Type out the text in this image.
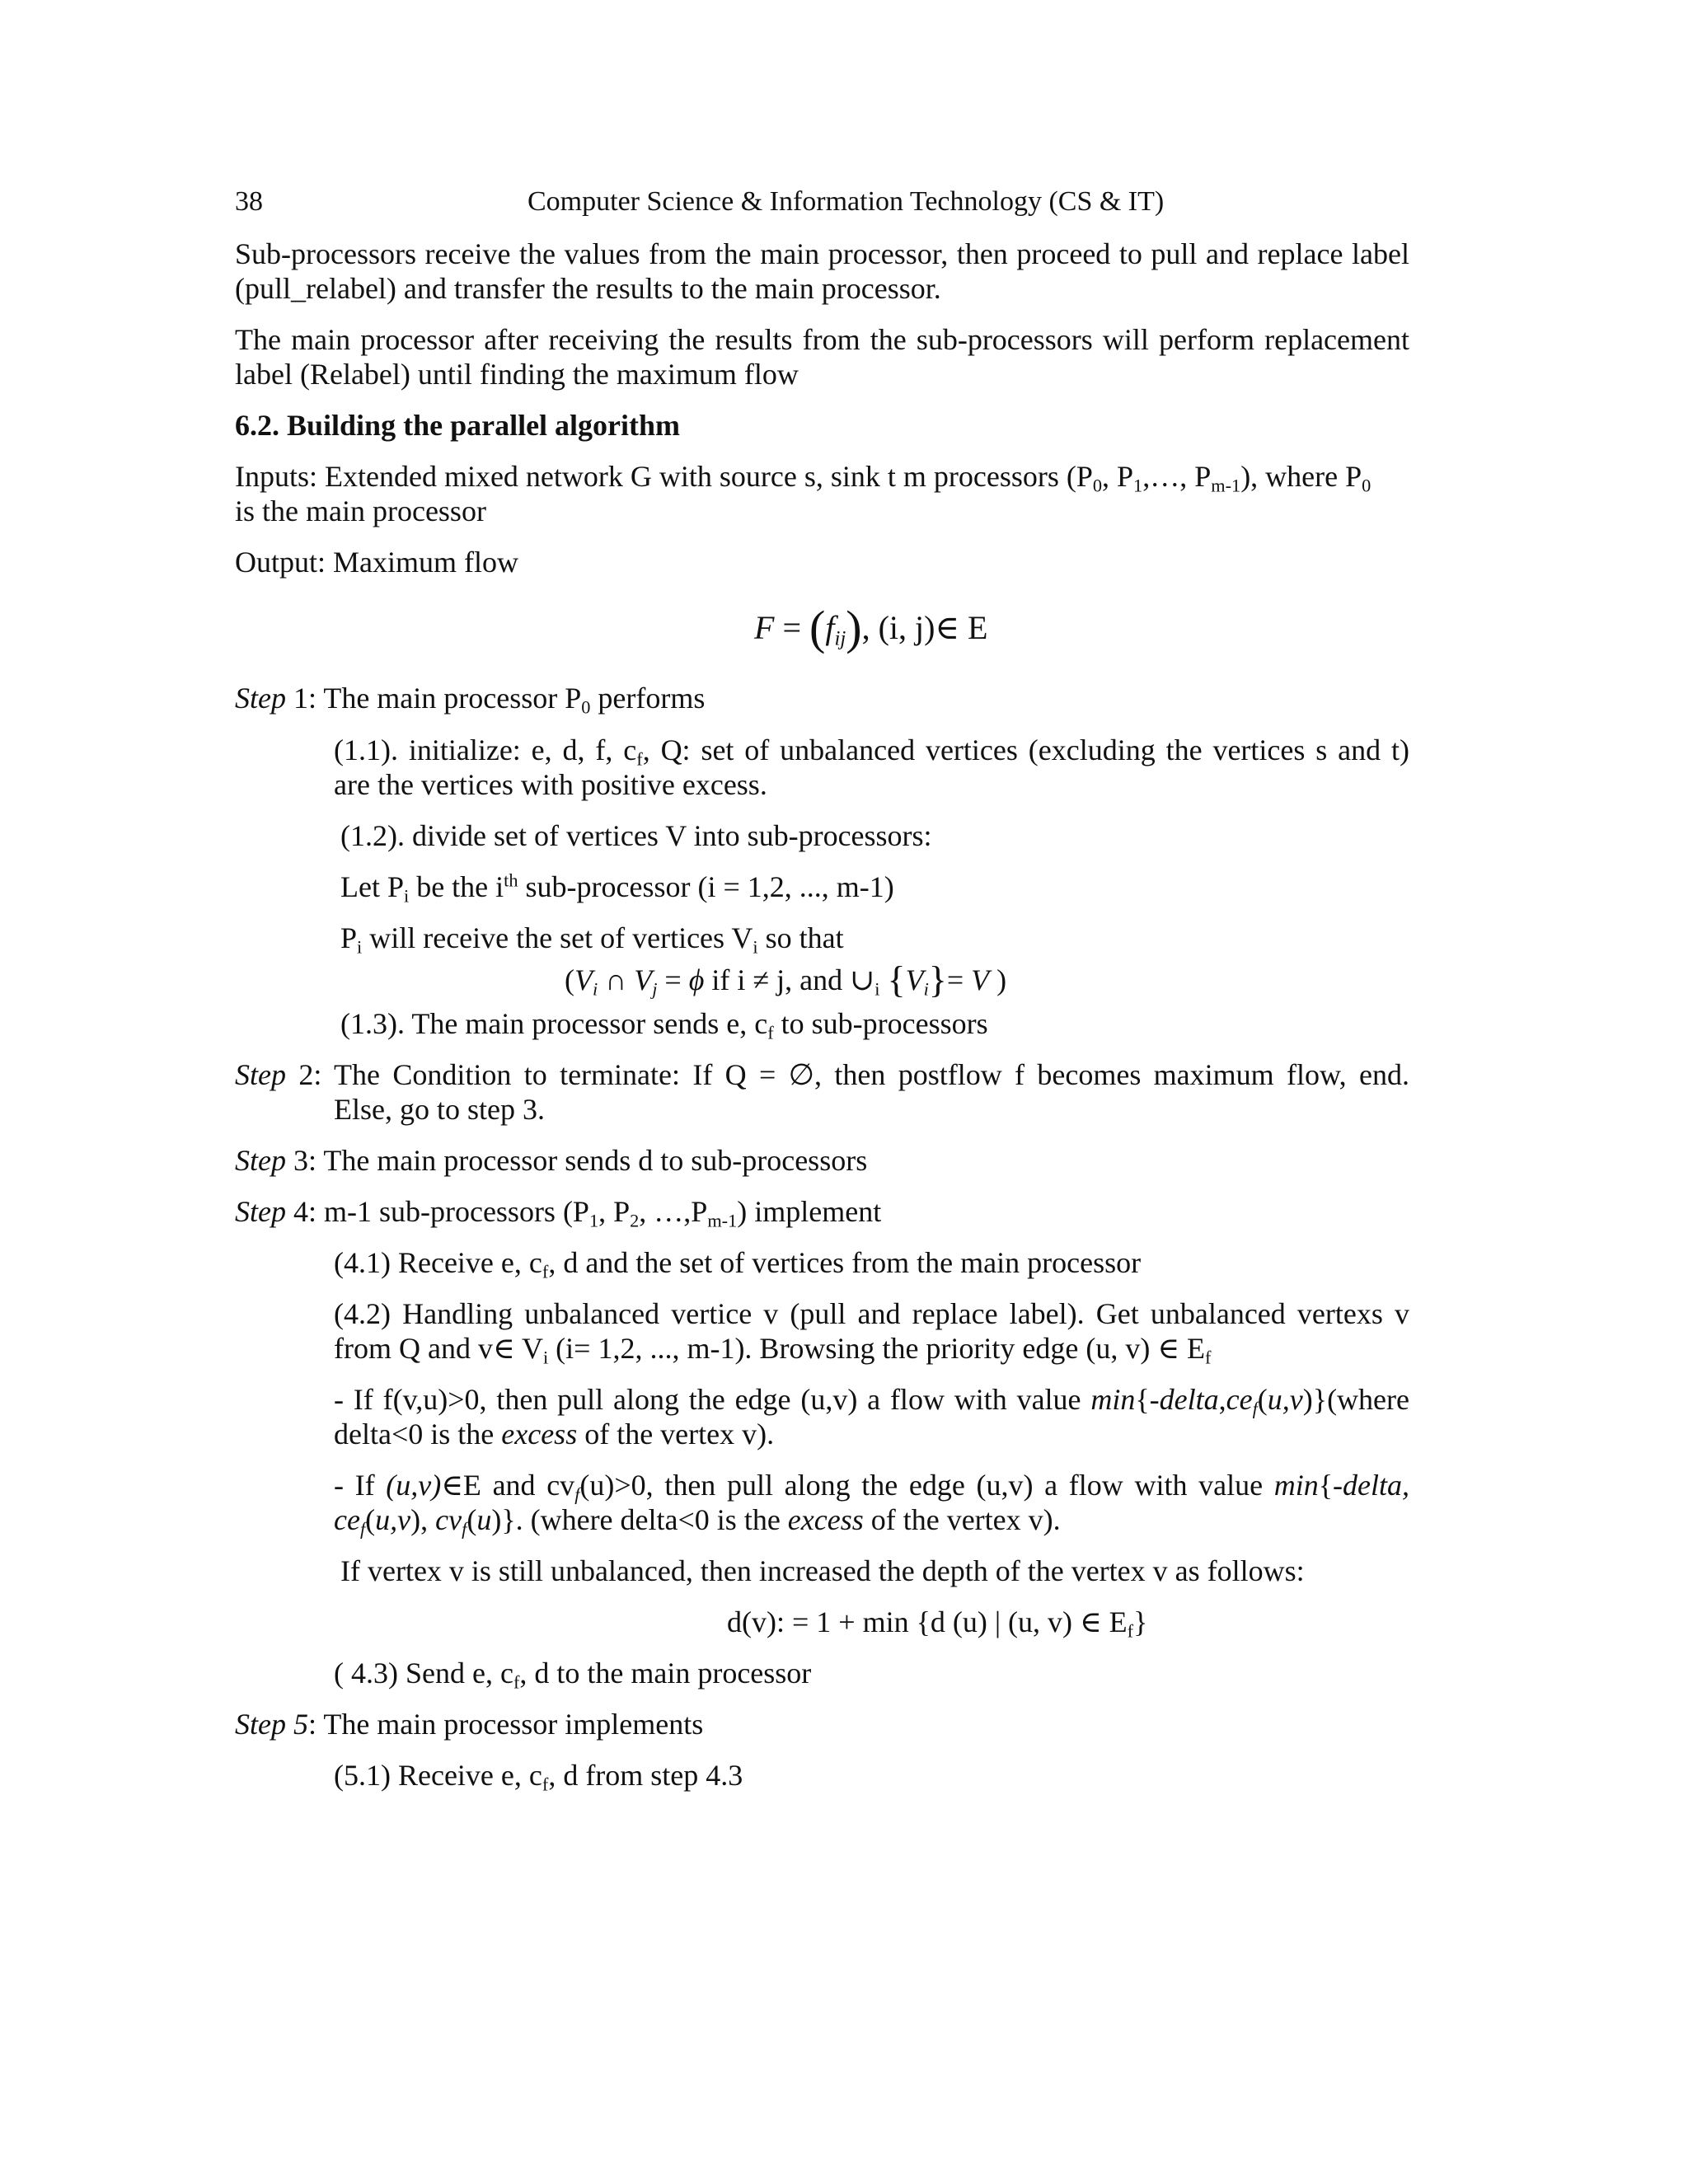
38	Computer Science & Information Technology (CS & IT)
Sub-processors receive the values from the main processor, then proceed to pull and replace label
(pull_relabel) and transfer the results to the main processor.
The main processor after receiving the results from the sub-processors will perform replacement
label (Relabel) until finding the maximum flow
6.2. Building the parallel algorithm
Inputs: Extended mixed network G with source s, sink t m processors ($P_0$, $P_1,\dots$, $P_{m-1}$), where $P_0$
is the main processor
Output: Maximum flow
$F = (f_{ij})$, (i, j)∈ E
Step 1: The main processor $P_0$ performs
(1.1). initialize: e, d, f, $c_f$, Q: set of unbalanced vertices (excluding the vertices s and t)
are the vertices with positive excess.
(1.2). divide set of vertices V into sub-processors:
Let $P_i$ be the $i^{th}$ sub-processor (i = 1,2, ..., m-1)
$P_i$ will receive the set of vertices $V_i$ so that
($V_i$ ∩ $V_j = \phi$ if i ≠ j, and $\cup_i$ $\{V_i\}= V$ )
(1.3). The main processor sends e, $c_f$ to sub-processors
Step 2: The Condition to terminate: If Q = ∅, then postflow f becomes maximum flow, end.
Else, go to step 3.
Step 3: The main processor sends d to sub-processors
Step 4: m-1 sub-processors ($P_1$, $P_2$, $\dots,P_{m-1}$) implement
(4.1) Receive e, $c_f$, d and the set of vertices from the main processor
(4.2) Handling unbalanced vertice v (pull and replace label). Get unbalanced vertexs v
from Q and v∈ $V_i$ (i= 1,2, ..., m-1). Browsing the priority edge (u, v) ∈ $E_f$
- If f(v,u)>0, then pull along the edge (u,v) a flow with value $\min\{-delta,ce_f(u,v)\}(where$
delta<0 is the excess of the vertex v).
- If (u,v)∈E and $cv_f(u)>0$, then pull along the edge (u,v) a flow with value min{-delta,
$ce_f(u,v)$, $cv_f(u)$}. (where delta<0 is the excess of the vertex v).
If vertex v is still unbalanced, then increased the depth of the vertex v as follows:
d(v): = 1 + min {d (u) | (u, v) ∈ $E_f$}
( 4.3) Send e, $c_f$, d to the main processor
Step 5: The main processor implements
(5.1) Receive e, $c_f$, d from step 4.3
